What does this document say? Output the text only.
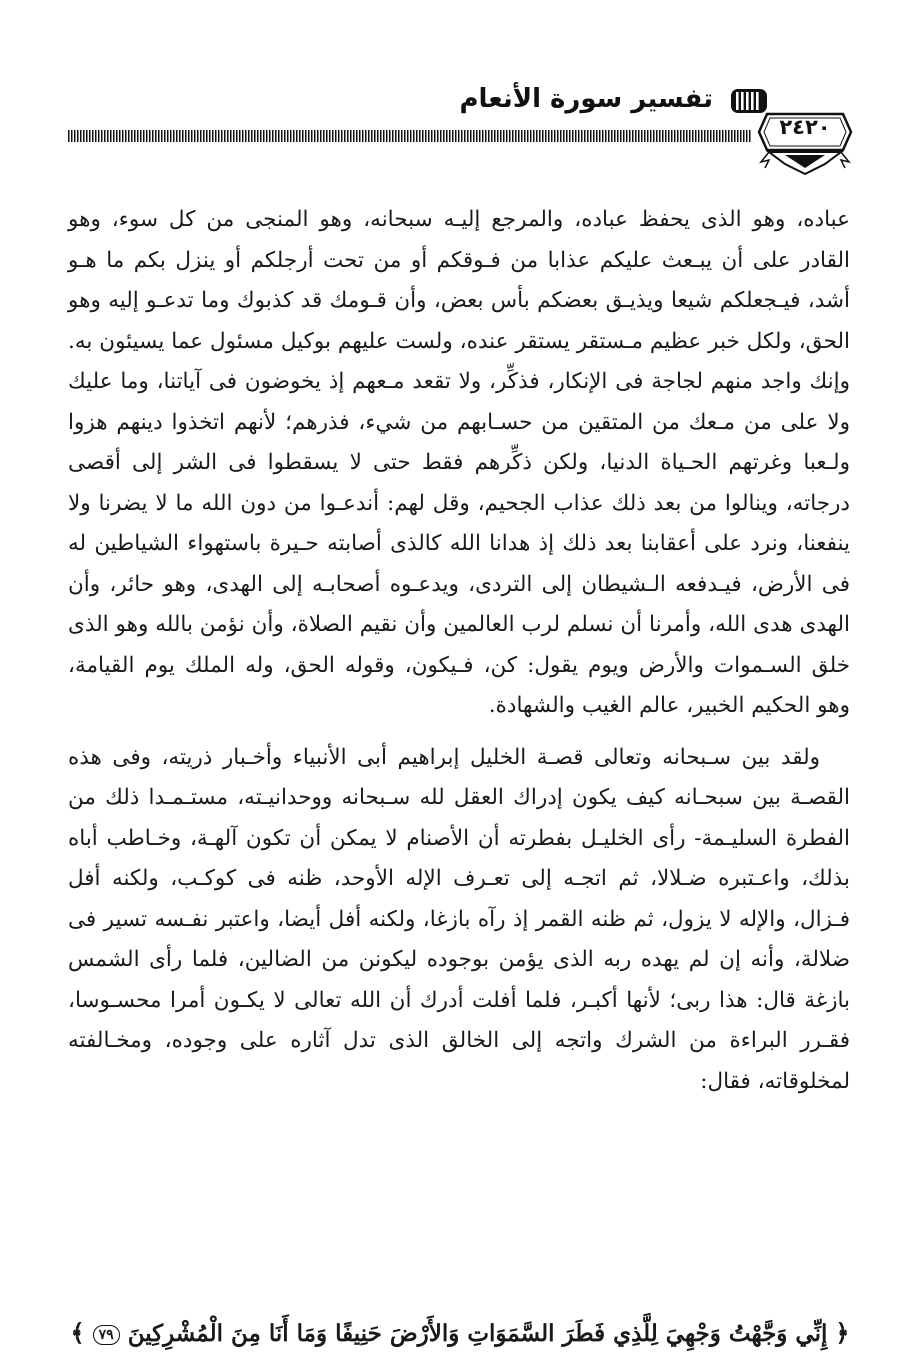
تفسير سورة الأنعام
٢٤٢٠

عباده، وهو الذى يحفظ عباده، والمرجع إليـه سبحانه، وهو المنجى من كل سوء، وهو القادر على أن يبـعث عليكم عذابا من فـوقكم أو من تحت أرجلكم أو ينزل بكم ما هـو أشد، فيـجعلكم شيعا ويذيـق بعضكم بأس بعض، وأن قـومك قد كذبوك وما تدعـو إليه وهو الحق، ولكل خبر عظيم مـستقر يستقر عنده، ولست عليهم بوكيل مسئول عما يسيئون به. وإنك واجد منهم لجاجة فى الإنكار، فذكِّر، ولا تقعد مـعهم إذ يخوضون فى آياتنا، وما عليك ولا على من مـعك من المتقين من حسـابهم من شيء، فذرهم؛ لأنهم اتخذوا دينهم هزوا ولـعبا وغرتهم الحـياة الدنيا، ولكن ذكِّرهم فقط حتى لا يسقطوا فى الشر إلى أقصى درجاته، وينالوا من بعد ذلك عذاب الجحيم، وقل لهم: أندعـوا من دون الله ما لا يضرنا ولا ينفعنا، ونرد على أعقابنا بعد ذلك إذ هدانا الله كالذى أصابته حـيرة باستهواء الشياطين له فى الأرض، فيـدفعه الـشيطان إلى التردى، ويدعـوه أصحابـه إلى الهدى، وهو حائر، وأن الهدى هدى الله، وأمرنا أن نسلم لرب العالمين وأن نقيم الصلاة، وأن نؤمن بالله وهو الذى خلق السـموات والأرض ويوم يقول: كن، فـيكون، وقوله الحق، وله الملك يوم القيامة، وهو الحكيم الخبير، عالم الغيب والشهادة.

ولقد بين سـبحانه وتعالى قصـة الخليل إبراهيم أبى الأنبياء وأخـبار ذريته، وفى هذه القصـة بين سبحـانه كيف يكون إدراك العقل لله سـبحانه ووحدانيـته، مستـمـدا ذلك من الفطرة السليـمة- رأى الخليـل بفطرته أن الأصنام لا يمكن أن تكون آلهـة، وخـاطب أباه بذلك، واعـتبره ضـلالا، ثم اتجـه إلى تعـرف الإله الأوحد، ظنه فى كوكـب، ولكنه أفل فـزال، والإله لا يزول، ثم ظنه القمر إذ رآه بازغا، ولكنه أفل أيضا، واعتبر نفـسه تسير فى ضلالة، وأنه إن لم يهده ربه الذى يؤمن بوجوده ليكونن من الضالين، فلما رأى الشمس بازغة قال: هذا ربى؛ لأنها أكبـر، فلما أفلت أدرك أن الله تعالى لا يكـون أمرا محسـوسا، فقـرر البراءة من الشرك واتجه إلى الخالق الذى تدل آثاره على وجوده، ومخـالفته لمخلوقاته، فقال:

﴿ إِنِّي وَجَّهْتُ وَجْهِيَ لِلَّذِي فَطَرَ السَّمَوَاتِ وَالأَرْضَ حَنِيفًا وَمَا أَنَا مِنَ الْمُشْرِكِينَ ٧٩ ﴾
